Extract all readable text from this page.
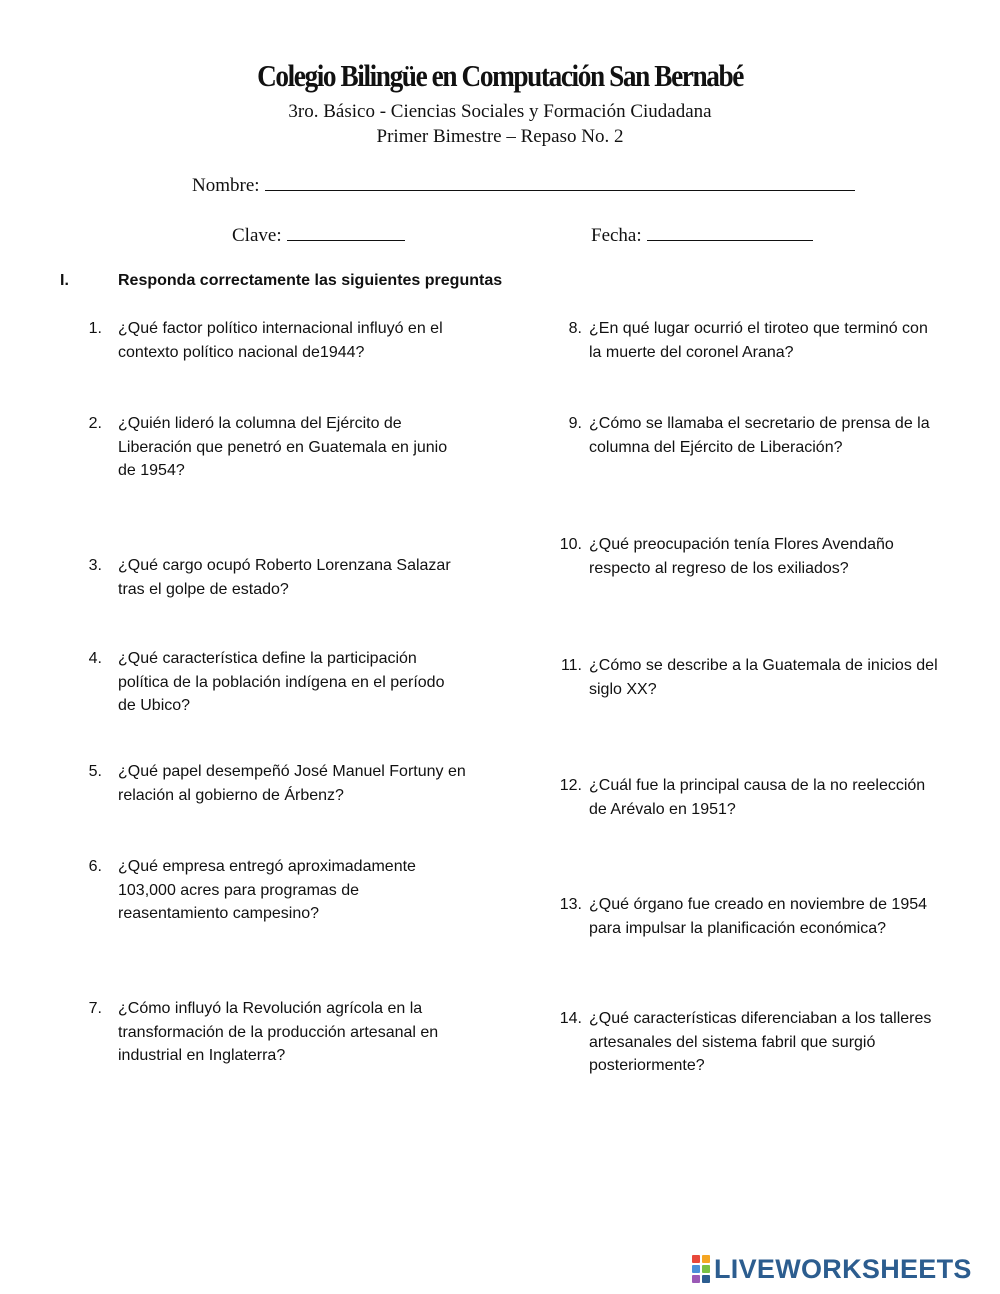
Colegio Bilingüe en Computación San Bernabé
3ro. Básico - Ciencias Sociales y Formación Ciudadana
Primer Bimestre – Repaso No. 2
Nombre:
Clave:	Fecha:
I.	Responda correctamente las siguientes preguntas
1. ¿Qué factor político internacional influyó en el
contexto político nacional de1944?
2. ¿Quién lideró la columna del Ejército de
Liberación que penetró en Guatemala en junio
de 1954?
3. ¿Qué cargo ocupó Roberto Lorenzana Salazar
tras el golpe de estado?
4. ¿Qué característica define la participación
política de la población indígena en el período
de Ubico?
5. ¿Qué papel desempeñó José Manuel Fortuny en
relación al gobierno de Árbenz?
6. ¿Qué empresa entregó aproximadamente
103,000 acres para programas de
reasentamiento campesino?
7. ¿Cómo influyó la Revolución agrícola en la
transformación de la producción artesanal en
industrial en Inglaterra?
8. ¿En qué lugar ocurrió el tiroteo que terminó con
la muerte del coronel Arana?
9. ¿Cómo se llamaba el secretario de prensa de la
columna del Ejército de Liberación?
10. ¿Qué preocupación tenía Flores Avendaño
respecto al regreso de los exiliados?
11. ¿Cómo se describe a la Guatemala de inicios del
siglo XX?
12. ¿Cuál fue la principal causa de la no reelección
de Arévalo en 1951?
13. ¿Qué órgano fue creado en noviembre de 1954
para impulsar la planificación económica?
14. ¿Qué características diferenciaban a los talleres
artesanales del sistema fabril que surgió
posteriormente?
LIVEWORKSHEETS
